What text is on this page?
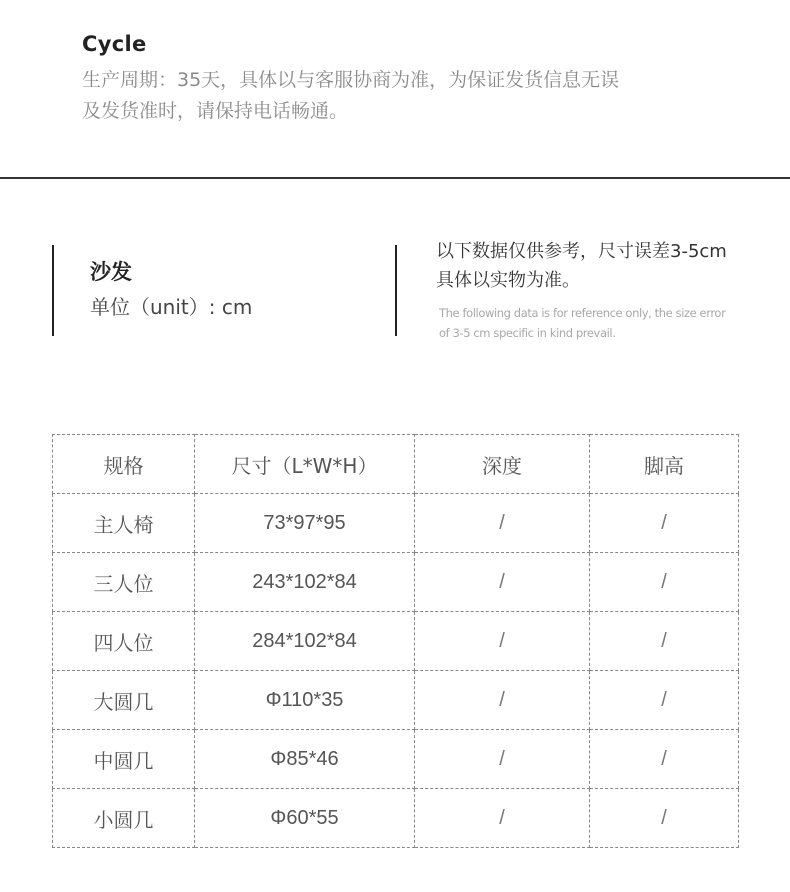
Cycle

生产周期：35天，具体以与客服协商为准，为保证发货信息无误
及发货准时，请保持电话畅通。

沙发
单位（unit）: cm
以下数据仅供参考，尺寸误差3-5cm
具体以实物为准。
The following data is for reference only, the size error
of 3-5 cm specific in kind prevail.
规格	尺寸（L*W*H）	深度	脚高
主人椅	73*97*95	/	/
三人位	243*102*84	/	/
四人位	284*102*84	/	/
大圆几	Φ110*35	/	/
中圆几	Φ85*46	/	/
小圆几	Φ60*55	/	/
